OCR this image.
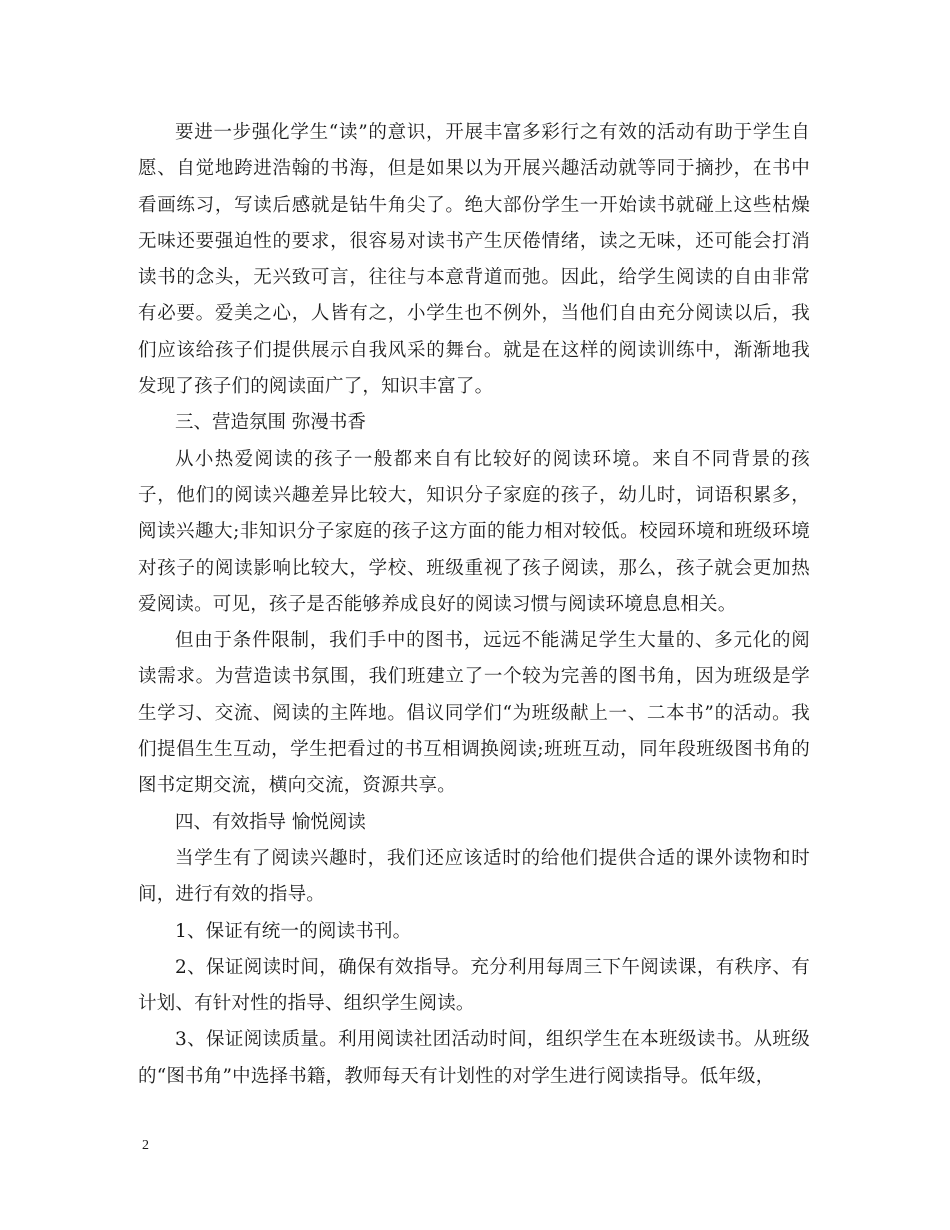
要进一步强化学生“读”的意识，开展丰富多彩行之有效的活动有助于学生自愿、自觉地跨进浩翰的书海，但是如果以为开展兴趣活动就等同于摘抄，在书中看画练习，写读后感就是钻牛角尖了。绝大部份学生一开始读书就碰上这些枯燥无味还要强迫性的要求，很容易对读书产生厌倦情绪，读之无味，还可能会打消读书的念头，无兴致可言，往往与本意背道而弛。因此，给学生阅读的自由非常有必要。爱美之心，人皆有之，小学生也不例外，当他们自由充分阅读以后，我们应该给孩子们提供展示自我风采的舞台。就是在这样的阅读训练中，渐渐地我发现了孩子们的阅读面广了，知识丰富了。

三、营造氛围 弥漫书香

从小热爱阅读的孩子一般都来自有比较好的阅读环境。来自不同背景的孩子，他们的阅读兴趣差异比较大，知识分子家庭的孩子，幼儿时，词语积累多，阅读兴趣大;非知识分子家庭的孩子这方面的能力相对较低。校园环境和班级环境对孩子的阅读影响比较大，学校、班级重视了孩子阅读，那么，孩子就会更加热爱阅读。可见，孩子是否能够养成良好的阅读习惯与阅读环境息息相关。

但由于条件限制，我们手中的图书，远远不能满足学生大量的、多元化的阅读需求。为营造读书氛围，我们班建立了一个较为完善的图书角，因为班级是学生学习、交流、阅读的主阵地。倡议同学们“为班级献上一、二本书”的活动。我们提倡生生互动，学生把看过的书互相调换阅读;班班互动，同年段班级图书角的图书定期交流，横向交流，资源共享。

四、有效指导 愉悦阅读

当学生有了阅读兴趣时，我们还应该适时的给他们提供合适的课外读物和时间，进行有效的指导。

1、保证有统一的阅读书刊。

2、保证阅读时间，确保有效指导。充分利用每周三下午阅读课，有秩序、有计划、有针对性的指导、组织学生阅读。

3、保证阅读质量。利用阅读社团活动时间，组织学生在本班级读书。从班级的“图书角”中选择书籍，教师每天有计划性的对学生进行阅读指导。低年级，

2
